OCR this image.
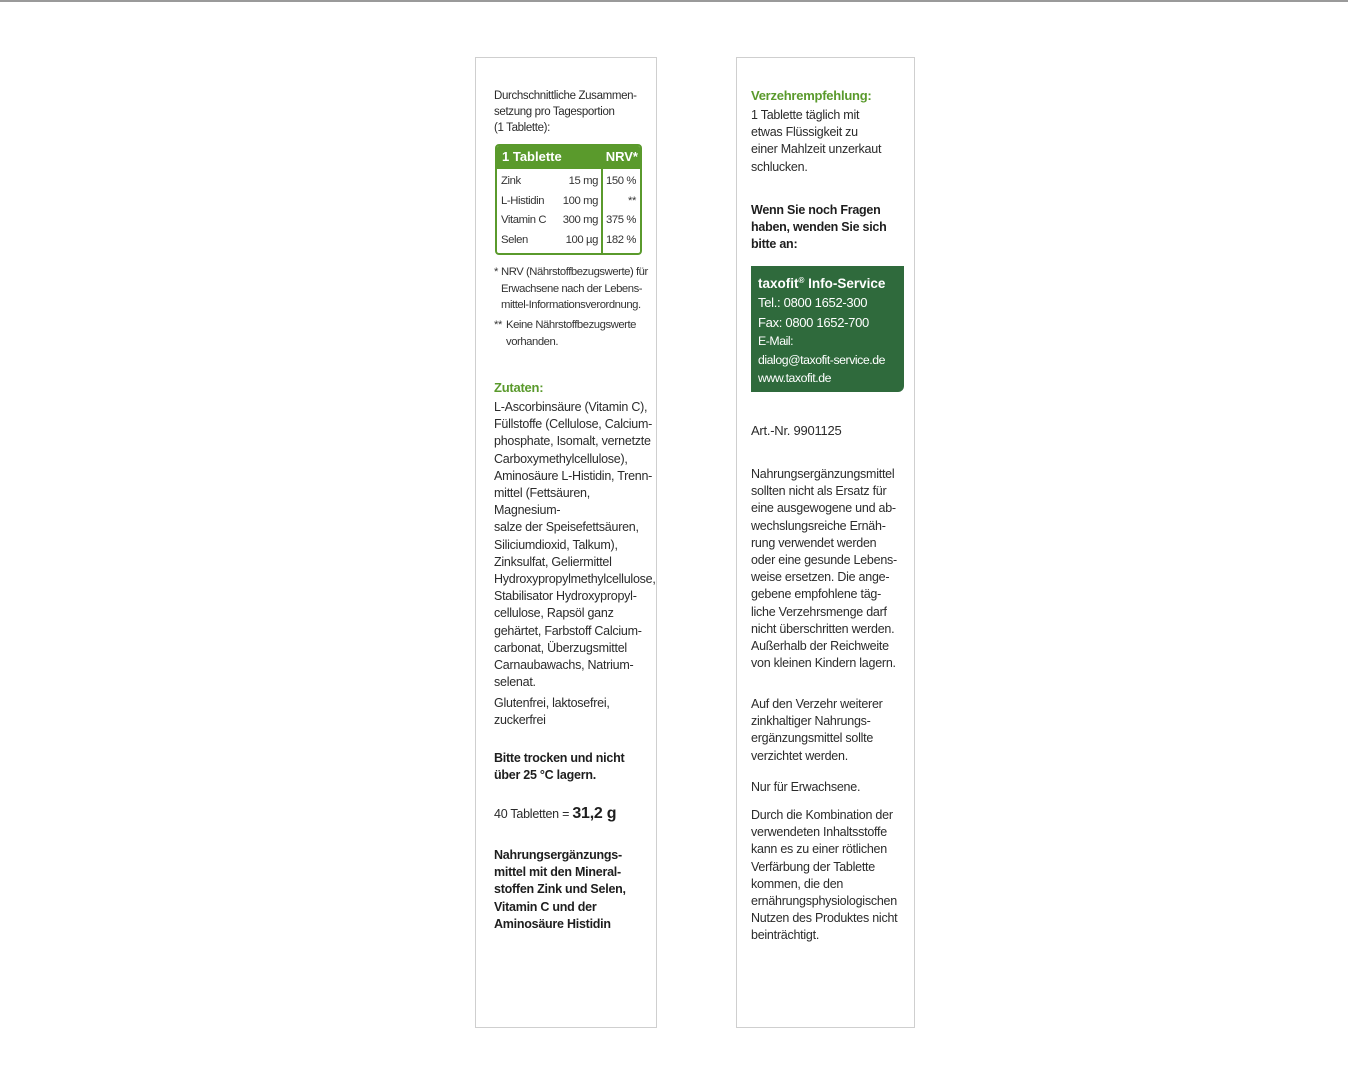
Durchschnittliche Zusammen-
setzung pro Tagesportion
(1 Tablette):
1 Tablette	NRV*
Zink	15 mg 150 %
L-Histidin 100 mg	**
Vitamin C 300 mg 375 %
Selen	100 µg 182 %
* NRV (Nährstoffbezugswerte) für
Erwachsene nach der Lebens-
mittel-Informationsverordnung.
** Keine Nährstoffbezugswerte
vorhanden.
Zutaten:
L-Ascorbinsäure (Vitamin C),
Füllstoffe (Cellulose, Calcium-
phosphate, Isomalt, vernetzte
Carboxymethylcellulose),
Aminosäure L-Histidin, Trenn-
mittel (Fettsäuren, Magnesium-
salze der Speisefettsäuren,
Siliciumdioxid, Talkum),
Zinksulfat, Geliermittel
Hydroxypropylmethylcellulose,
Stabilisator Hydroxypropyl-
cellulose, Rapsöl ganz
gehärtet, Farbstoff Calcium-
carbonat, Überzugsmittel
Carnaubawachs, Natrium-
selenat.
Glutenfrei, laktosefrei,
zuckerfrei
Bitte trocken und nicht
über 25 °C lagern.
40 Tabletten = 31,2 g
Nahrungsergänzungs-
mittel mit den Mineral-
stoffen Zink und Selen,
Vitamin C und der
Aminosäure Histidin
Verzehrempfehlung:
1 Tablette täglich mit
etwas Flüssigkeit zu
einer Mahlzeit unzerkaut
schlucken.
Wenn Sie noch Fragen
haben, wenden Sie sich
bitte an:
taxofit® Info-Service
Tel.: 0800 1652-300
Fax: 0800 1652-700
E-Mail:
dialog@taxofit-service.de
www.taxofit.de
Art.-Nr. 9901125
Nahrungsergänzungsmittel
sollten nicht als Ersatz für
eine ausgewogene und ab-
wechslungsreiche Ernäh-
rung verwendet werden
oder eine gesunde Lebens-
weise ersetzen. Die ange-
gebene empfohlene täg-
liche Verzehrsmenge darf
nicht überschritten werden.
Außerhalb der Reichweite
von kleinen Kindern lagern.
Auf den Verzehr weiterer
zinkhaltiger Nahrungs-
ergänzungsmittel sollte
verzichtet werden.
Nur für Erwachsene.
Durch die Kombination der
verwendeten Inhaltsstoffe
kann es zu einer rötlichen
Verfärbung der Tablette
kommen, die den
ernährungsphysiologischen
Nutzen des Produktes nicht
beinträchtigt.
